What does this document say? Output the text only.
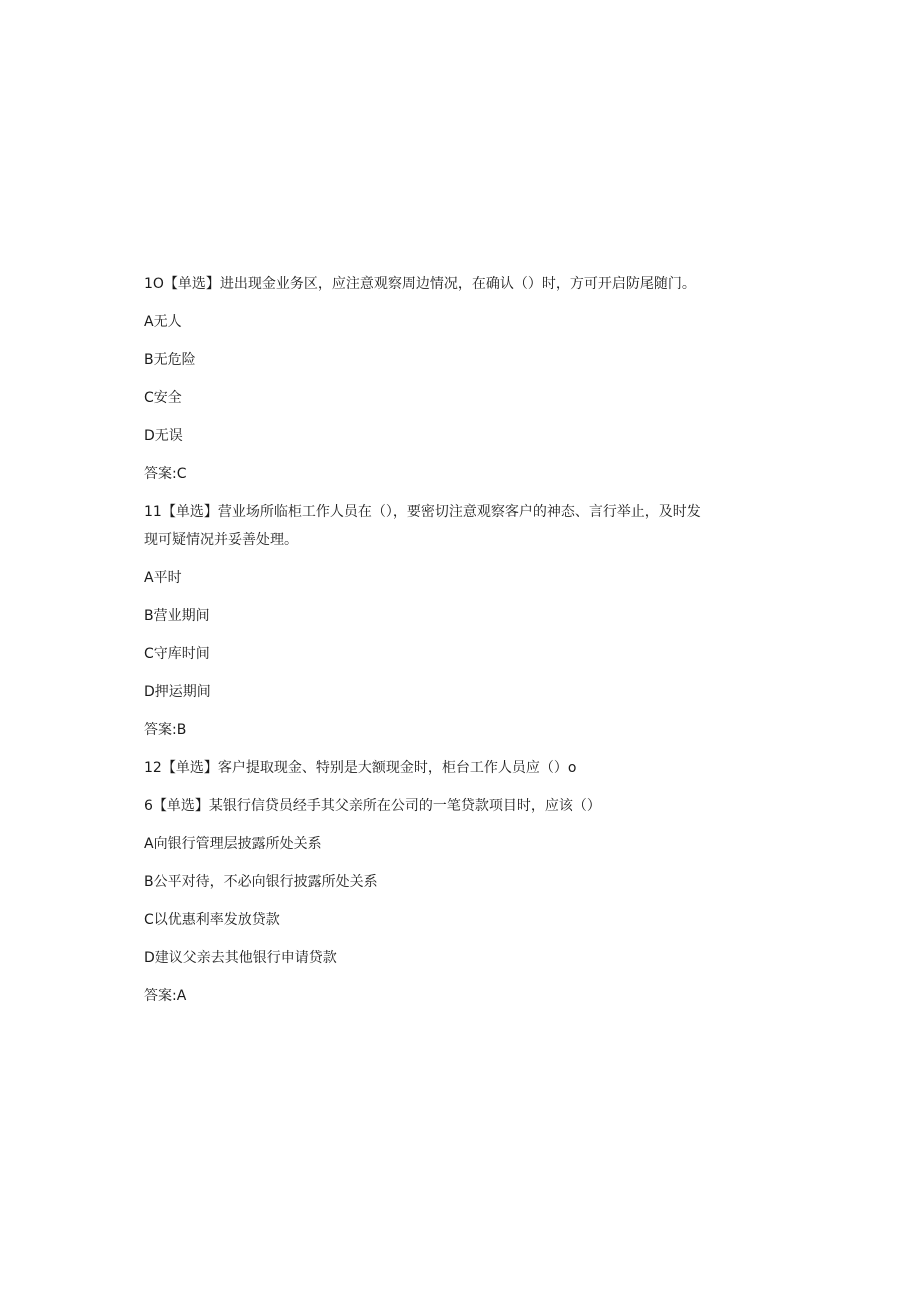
1O【单选】进出现金业务区，应注意观察周边情况，在确认（）时，方可开启防尾随门。
A无人
B无危险
C安全
D无误
答案:C
11【单选】营业场所临柜工作人员在（），要密切注意观察客户的神态、言行举止，及时发现可疑情况并妥善处理。
A平时
B营业期间
C守库时间
D押运期间
答案:B
12【单选】客户提取现金、特别是大额现金时，柜台工作人员应（）o
6【单选】某银行信贷员经手其父亲所在公司的一笔贷款项目时，应该（）
A向银行管理层披露所处关系
B公平对待，不必向银行披露所处关系
C以优惠利率发放贷款
D建议父亲去其他银行申请贷款
答案:A
